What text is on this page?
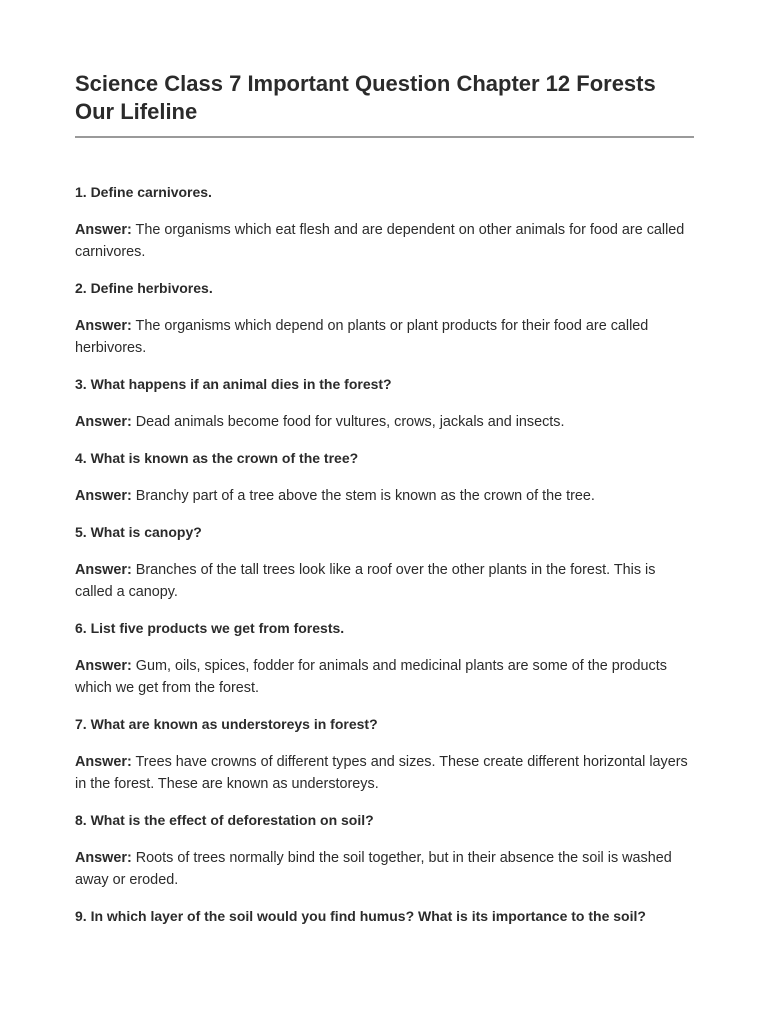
Science Class 7 Important Question Chapter 12 Forests Our Lifeline

1. Define carnivores.

Answer: The organisms which eat flesh and are dependent on other animals for food are called carnivores.

2. Define herbivores.

Answer: The organisms which depend on plants or plant products for their food are called herbivores.

3. What happens if an animal dies in the forest?

Answer: Dead animals become food for vultures, crows, jackals and insects.

4. What is known as the crown of the tree?

Answer: Branchy part of a tree above the stem is known as the crown of the tree.

5. What is canopy?

Answer: Branches of the tall trees look like a roof over the other plants in the forest. This is called a canopy.

6. List five products we get from forests.

Answer: Gum, oils, spices, fodder for animals and medicinal plants are some of the products which we get from the forest.

7. What are known as understoreys in forest?

Answer: Trees have crowns of different types and sizes. These create different horizontal layers in the forest. These are known as understoreys.

8. What is the effect of deforestation on soil?

Answer: Roots of trees normally bind the soil together, but in their absence the soil is washed away or eroded.

9. In which layer of the soil would you find humus? What is its importance to the soil?
